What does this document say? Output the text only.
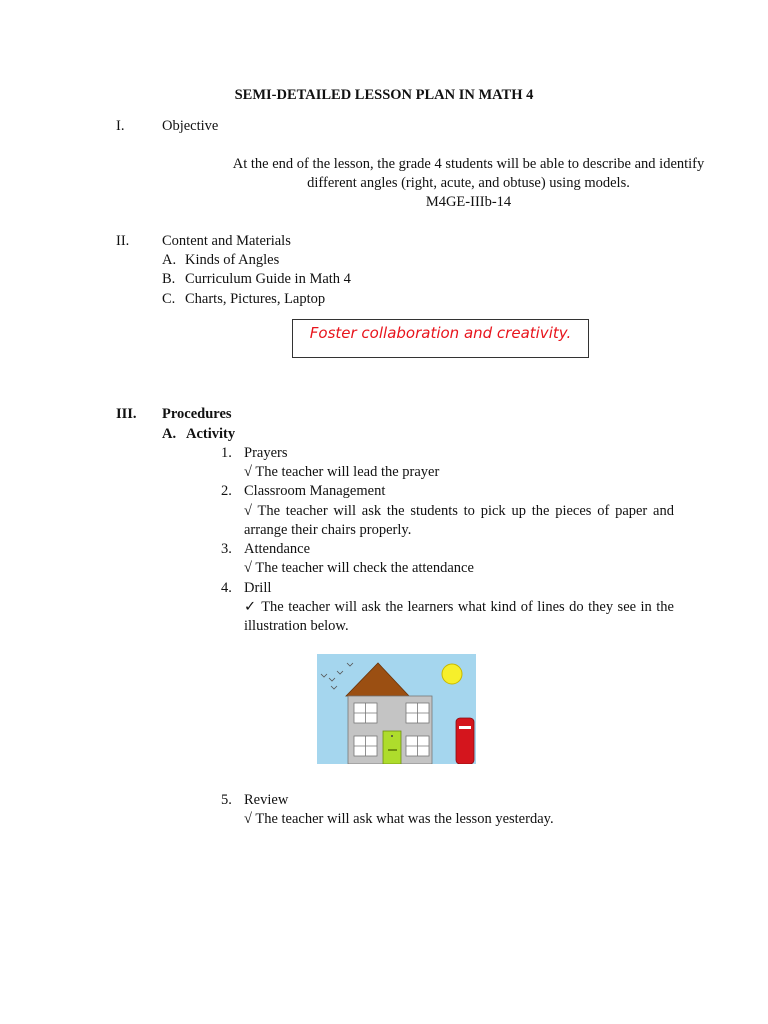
SEMI-DETAILED LESSON PLAN IN MATH 4
I.	Objective
At the end of the lesson, the grade 4 students will be able to describe and identify
different angles (right, acute, and obtuse) using models.
M4GE-IIIb-14
II. Content and Materials
A. Kinds of Angles
B. Curriculum Guide in Math 4
C. Charts, Pictures, Laptop
Foster collaboration and creativity.
III. Procedures
A. Activity
1. Prayers
√ The teacher will lead the prayer
2. Classroom Management
√ The teacher will ask the students to pick up the pieces of paper and arrange their chairs properly.
3. Attendance
√ The teacher will check the attendance
4. Drill
✓ The teacher will ask the learners what kind of lines do they see in the illustration below.
5. Review
√ The teacher will ask what was the lesson yesterday.
